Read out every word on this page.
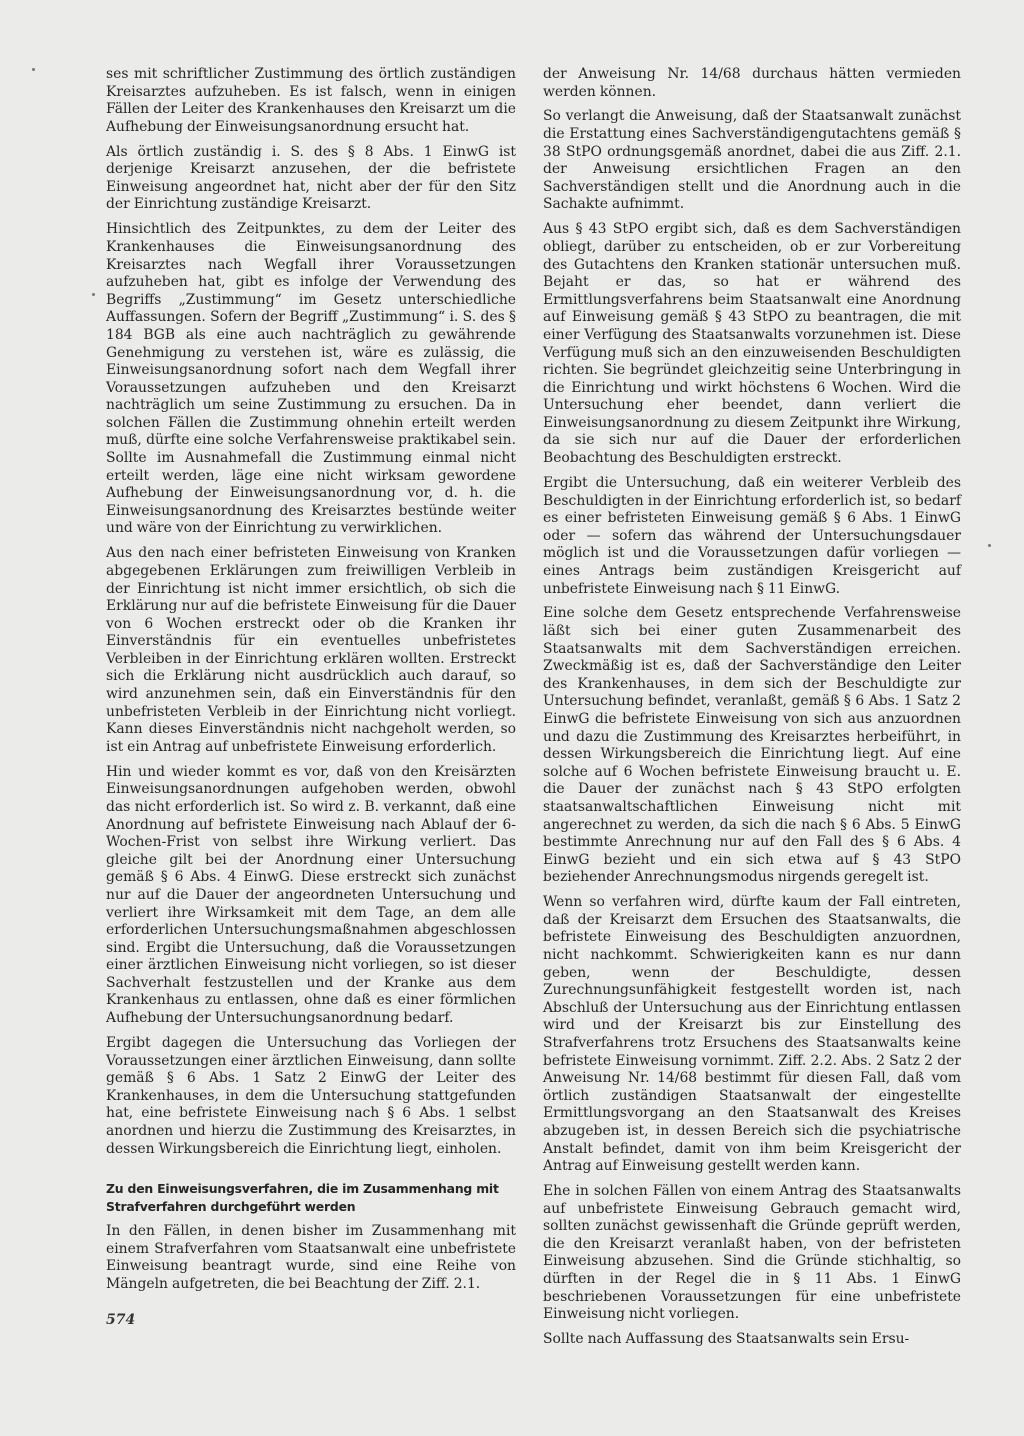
ses mit schriftlicher Zustimmung des örtlich zuständigen Kreisarztes aufzuheben. Es ist falsch, wenn in einigen Fällen der Leiter des Krankenhauses den Kreisarzt um die Aufhebung der Einweisungsanordnung ersucht hat.

Als örtlich zuständig i. S. des § 8 Abs. 1 EinwG ist derjenige Kreisarzt anzusehen, der die befristete Einweisung angeordnet hat, nicht aber der für den Sitz der Einrichtung zuständige Kreisarzt.

Hinsichtlich des Zeitpunktes, zu dem der Leiter des Krankenhauses die Einweisungsanordnung des Kreisarztes nach Wegfall ihrer Voraussetzungen aufzuheben hat, gibt es infolge der Verwendung des Begriffs „Zustimmung“ im Gesetz unterschiedliche Auffassungen. Sofern der Begriff „Zustimmung“ i. S. des § 184 BGB als eine auch nachträglich zu gewährende Genehmigung zu verstehen ist, wäre es zulässig, die Einweisungsanordnung sofort nach dem Wegfall ihrer Voraussetzungen aufzuheben und den Kreisarzt nachträglich um seine Zustimmung zu ersuchen. Da in solchen Fällen die Zustimmung ohnehin erteilt werden muß, dürfte eine solche Verfahrensweise praktikabel sein. Sollte im Ausnahmefall die Zustimmung einmal nicht erteilt werden, läge eine nicht wirksam gewordene Aufhebung der Einweisungsanordnung vor, d. h. die Einweisungsanordnung des Kreisarztes bestünde weiter und wäre von der Einrichtung zu verwirklichen.

Aus den nach einer befristeten Einweisung von Kranken abgegebenen Erklärungen zum freiwilligen Verbleib in der Einrichtung ist nicht immer ersichtlich, ob sich die Erklärung nur auf die befristete Einweisung für die Dauer von 6 Wochen erstreckt oder ob die Kranken ihr Einverständnis für ein eventuelles unbefristetes Verbleiben in der Einrichtung erklären wollten. Erstreckt sich die Erklärung nicht ausdrücklich auch darauf, so wird anzunehmen sein, daß ein Einverständnis für den unbefristeten Verbleib in der Einrichtung nicht vorliegt. Kann dieses Einverständnis nicht nachgeholt werden, so ist ein Antrag auf unbefristete Einweisung erforderlich.

Hin und wieder kommt es vor, daß von den Kreisärzten Einweisungsanordnungen aufgehoben werden, obwohl das nicht erforderlich ist. So wird z. B. verkannt, daß eine Anordnung auf befristete Einweisung nach Ablauf der 6-Wochen-Frist von selbst ihre Wirkung verliert. Das gleiche gilt bei der Anordnung einer Untersuchung gemäß § 6 Abs. 4 EinwG. Diese erstreckt sich zunächst nur auf die Dauer der angeordneten Untersuchung und verliert ihre Wirksamkeit mit dem Tage, an dem alle erforderlichen Untersuchungsmaßnahmen abgeschlossen sind. Ergibt die Untersuchung, daß die Voraussetzungen einer ärztlichen Einweisung nicht vorliegen, so ist dieser Sachverhalt festzustellen und der Kranke aus dem Krankenhaus zu entlassen, ohne daß es einer förmlichen Aufhebung der Untersuchungsanordnung bedarf.

Ergibt dagegen die Untersuchung das Vorliegen der Voraussetzungen einer ärztlichen Einweisung, dann sollte gemäß § 6 Abs. 1 Satz 2 EinwG der Leiter des Krankenhauses, in dem die Untersuchung stattgefunden hat, eine befristete Einweisung nach § 6 Abs. 1 selbst anordnen und hierzu die Zustimmung des Kreisarztes, in dessen Wirkungsbereich die Einrichtung liegt, einholen.

Zu den Einweisungsverfahren, die im Zusammenhang mit Strafverfahren durchgeführt werden

In den Fällen, in denen bisher im Zusammenhang mit einem Strafverfahren vom Staatsanwalt eine unbefristete Einweisung beantragt wurde, sind eine Reihe von Mängeln aufgetreten, die bei Beachtung der Ziff. 2.1.

der Anweisung Nr. 14/68 durchaus hätten vermieden werden können.

So verlangt die Anweisung, daß der Staatsanwalt zunächst die Erstattung eines Sachverständigengutachtens gemäß § 38 StPO ordnungsgemäß anordnet, dabei die aus Ziff. 2.1. der Anweisung ersichtlichen Fragen an den Sachverständigen stellt und die Anordnung auch in die Sachakte aufnimmt.

Aus § 43 StPO ergibt sich, daß es dem Sachverständigen obliegt, darüber zu entscheiden, ob er zur Vorbereitung des Gutachtens den Kranken stationär untersuchen muß. Bejaht er das, so hat er während des Ermittlungsverfahrens beim Staatsanwalt eine Anordnung auf Einweisung gemäß § 43 StPO zu beantragen, die mit einer Verfügung des Staatsanwalts vorzunehmen ist. Diese Verfügung muß sich an den einzuweisenden Beschuldigten richten. Sie begründet gleichzeitig seine Unterbringung in die Einrichtung und wirkt höchstens 6 Wochen. Wird die Untersuchung eher beendet, dann verliert die Einweisungsanordnung zu diesem Zeitpunkt ihre Wirkung, da sie sich nur auf die Dauer der erforderlichen Beobachtung des Beschuldigten erstreckt.

Ergibt die Untersuchung, daß ein weiterer Verbleib des Beschuldigten in der Einrichtung erforderlich ist, so bedarf es einer befristeten Einweisung gemäß § 6 Abs. 1 EinwG oder — sofern das während der Untersuchungsdauer möglich ist und die Voraussetzungen dafür vorliegen — eines Antrags beim zuständigen Kreisgericht auf unbefristete Einweisung nach § 11 EinwG.

Eine solche dem Gesetz entsprechende Verfahrensweise läßt sich bei einer guten Zusammenarbeit des Staatsanwalts mit dem Sachverständigen erreichen. Zweckmäßig ist es, daß der Sachverständige den Leiter des Krankenhauses, in dem sich der Beschuldigte zur Untersuchung befindet, veranlaßt, gemäß § 6 Abs. 1 Satz 2 EinwG die befristete Einweisung von sich aus anzuordnen und dazu die Zustimmung des Kreisarztes herbeiführt, in dessen Wirkungsbereich die Einrichtung liegt. Auf eine solche auf 6 Wochen befristete Einweisung braucht u. E. die Dauer der zunächst nach § 43 StPO erfolgten staatsanwaltschaftlichen Einweisung nicht mit angerechnet zu werden, da sich die nach § 6 Abs. 5 EinwG bestimmte Anrechnung nur auf den Fall des § 6 Abs. 4 EinwG bezieht und ein sich etwa auf § 43 StPO beziehender Anrechnungsmodus nirgends geregelt ist.

Wenn so verfahren wird, dürfte kaum der Fall eintreten, daß der Kreisarzt dem Ersuchen des Staatsanwalts, die befristete Einweisung des Beschuldigten anzuordnen, nicht nachkommt. Schwierigkeiten kann es nur dann geben, wenn der Beschuldigte, dessen Zurechnungsunfähigkeit festgestellt worden ist, nach Abschluß der Untersuchung aus der Einrichtung entlassen wird und der Kreisarzt bis zur Einstellung des Strafverfahrens trotz Ersuchens des Staatsanwalts keine befristete Einweisung vornimmt. Ziff. 2.2. Abs. 2 Satz 2 der Anweisung Nr. 14/68 bestimmt für diesen Fall, daß vom örtlich zuständigen Staatsanwalt der eingestellte Ermittlungsvorgang an den Staatsanwalt des Kreises abzugeben ist, in dessen Bereich sich die psychiatrische Anstalt befindet, damit von ihm beim Kreisgericht der Antrag auf Einweisung gestellt werden kann.

Ehe in solchen Fällen von einem Antrag des Staatsanwalts auf unbefristete Einweisung Gebrauch gemacht wird, sollten zunächst gewissenhaft die Gründe geprüft werden, die den Kreisarzt veranlaßt haben, von der befristeten Einweisung abzusehen. Sind die Gründe stichhaltig, so dürften in der Regel die in § 11 Abs. 1 EinwG beschriebenen Voraussetzungen für eine unbefristete Einweisung nicht vorliegen.

Sollte nach Auffassung des Staatsanwalts sein Ersu-

574
